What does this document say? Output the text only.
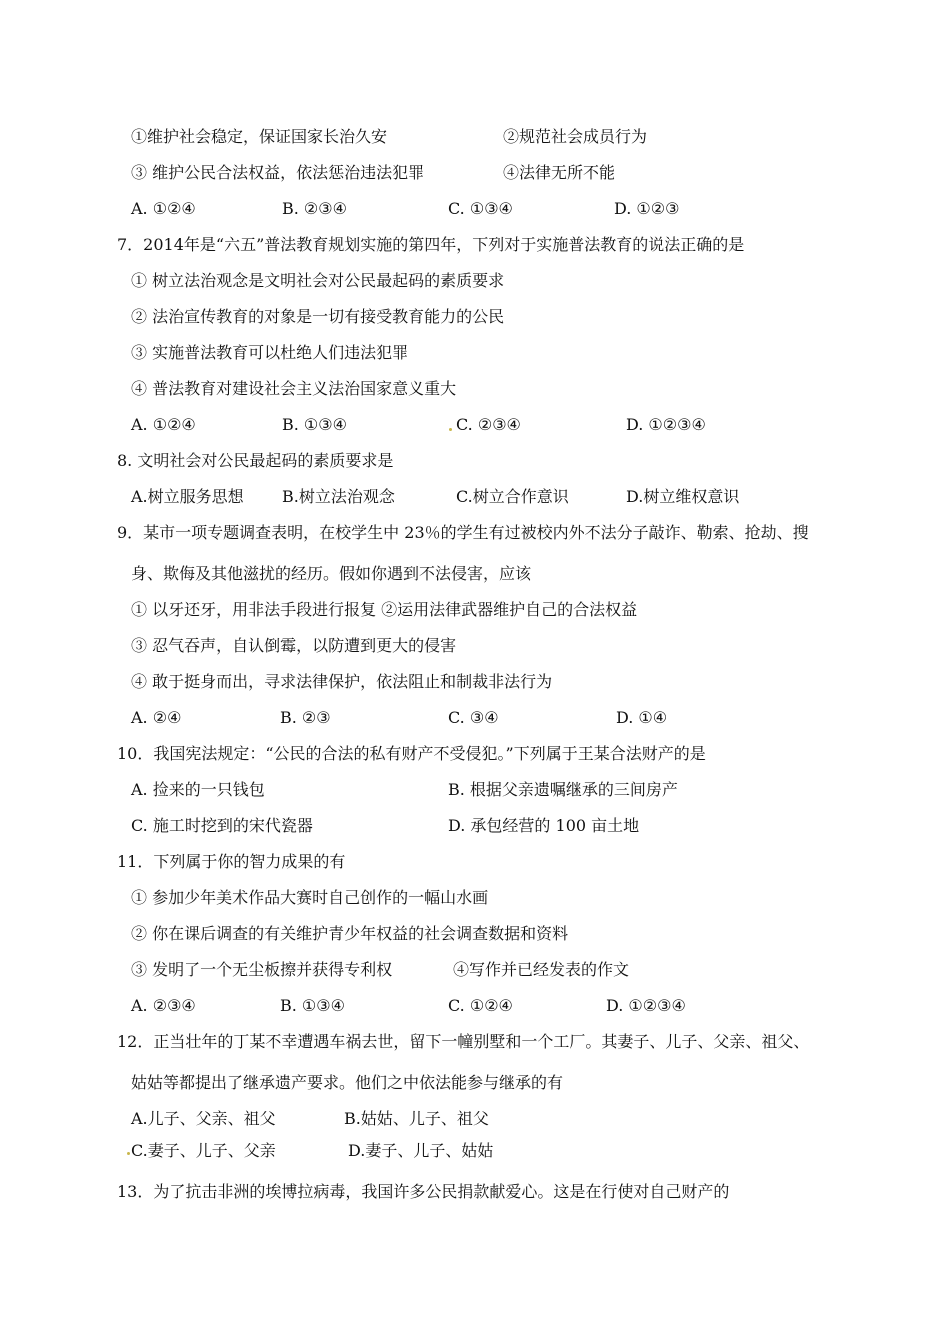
①维护社会稳定，保证国家长治久安	②规范社会成员行为
③ 维护公民合法权益，依法惩治违法犯罪	④法律无所不能
A. ①②④	B. ②③④	C. ①③④	D. ①②③
7．2014年是“六五”普法教育规划实施的第四年，下列对于实施普法教育的说法正确的是
① 树立法治观念是文明社会对公民最起码的素质要求
② 法治宣传教育的对象是一切有接受教育能力的公民
③ 实施普法教育可以杜绝人们违法犯罪
④ 普法教育对建设社会主义法治国家意义重大
A. ①②④	B. ①③④	C. ②③④	D. ①②③④
8. 文明社会对公民最起码的素质要求是
A.树立服务思想 B.树立法治观念	C.树立合作意识	D.树立维权意识
9．某市一项专题调查表明，在校学生中 23％的学生有过被校内外不法分子敲诈、勒索、抢劫、搜
身、欺侮及其他滋扰的经历。假如你遇到不法侵害，应该
① 以牙还牙，用非法手段进行报复 ②运用法律武器维护自己的合法权益
③ 忍气吞声，自认倒霉，以防遭到更大的侵害
④ 敢于挺身而出，寻求法律保护，依法阻止和制裁非法行为
A. ②④	B. ②③	C. ③④	D. ①④
10．我国宪法规定：“公民的合法的私有财产不受侵犯。”下列属于王某合法财产的是
A. 捡来的一只钱包	B. 根据父亲遗嘱继承的三间房产
C. 施工时挖到的宋代瓷器	D. 承包经营的 100 亩土地
11．下列属于你的智力成果的有
① 参加少年美术作品大赛时自己创作的一幅山水画
② 你在课后调查的有关维护青少年权益的社会调查数据和资料
③ 发明了一个无尘板擦并获得专利权	④写作并已经发表的作文
A. ②③④	B. ①③④	C. ①②④	D. ①②③④
12．正当壮年的丁某不幸遭遇车祸去世，留下一幢别墅和一个工厂。其妻子、儿子、父亲、祖父、
姑姑等都提出了继承遗产要求。他们之中依法能参与继承的有
A.儿子、父亲、祖父	B.姑姑、儿子、祖父
C.妻子、儿子、父亲	D.妻子、儿子、姑姑
13．为了抗击非洲的埃博拉病毒，我国许多公民捐款献爱心。这是在行使对自己财产的
